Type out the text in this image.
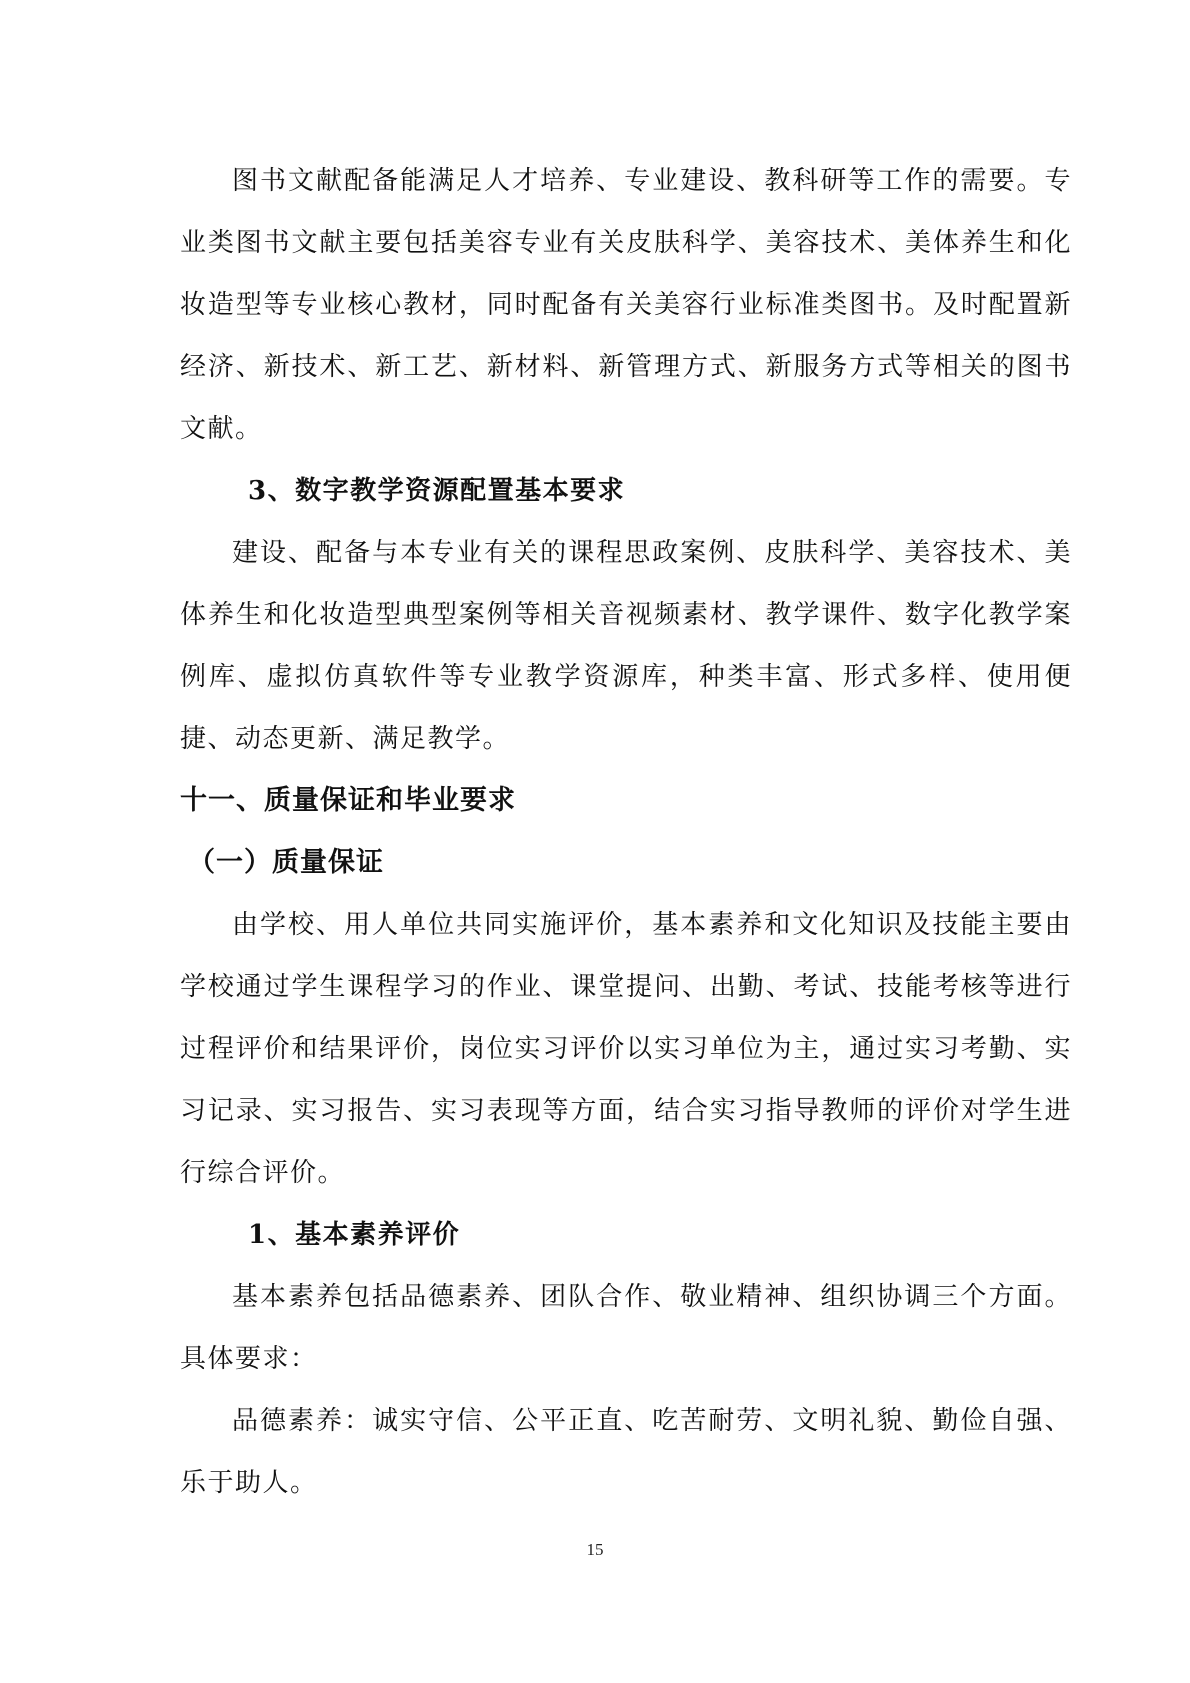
图书文献配备能满足人才培养、专业建设、教科研等工作的需要。专业类图书文献主要包括美容专业有关皮肤科学、美容技术、美体养生和化妆造型等专业核心教材，同时配备有关美容行业标准类图书。及时配置新经济、新技术、新工艺、新材料、新管理方式、新服务方式等相关的图书文献。

3、数字教学资源配置基本要求

建设、配备与本专业有关的课程思政案例、皮肤科学、美容技术、美体养生和化妆造型典型案例等相关音视频素材、教学课件、数字化教学案例库、虚拟仿真软件等专业教学资源库，种类丰富、形式多样、使用便捷、动态更新、满足教学。

十一、质量保证和毕业要求

（一）质量保证

由学校、用人单位共同实施评价，基本素养和文化知识及技能主要由学校通过学生课程学习的作业、课堂提问、出勤、考试、技能考核等进行过程评价和结果评价，岗位实习评价以实习单位为主，通过实习考勤、实习记录、实习报告、实习表现等方面，结合实习指导教师的评价对学生进行综合评价。

1、基本素养评价

基本素养包括品德素养、团队合作、敬业精神、组织协调三个方面。具体要求：

品德素养：诚实守信、公平正直、吃苦耐劳、文明礼貌、勤俭自强、乐于助人。

15
